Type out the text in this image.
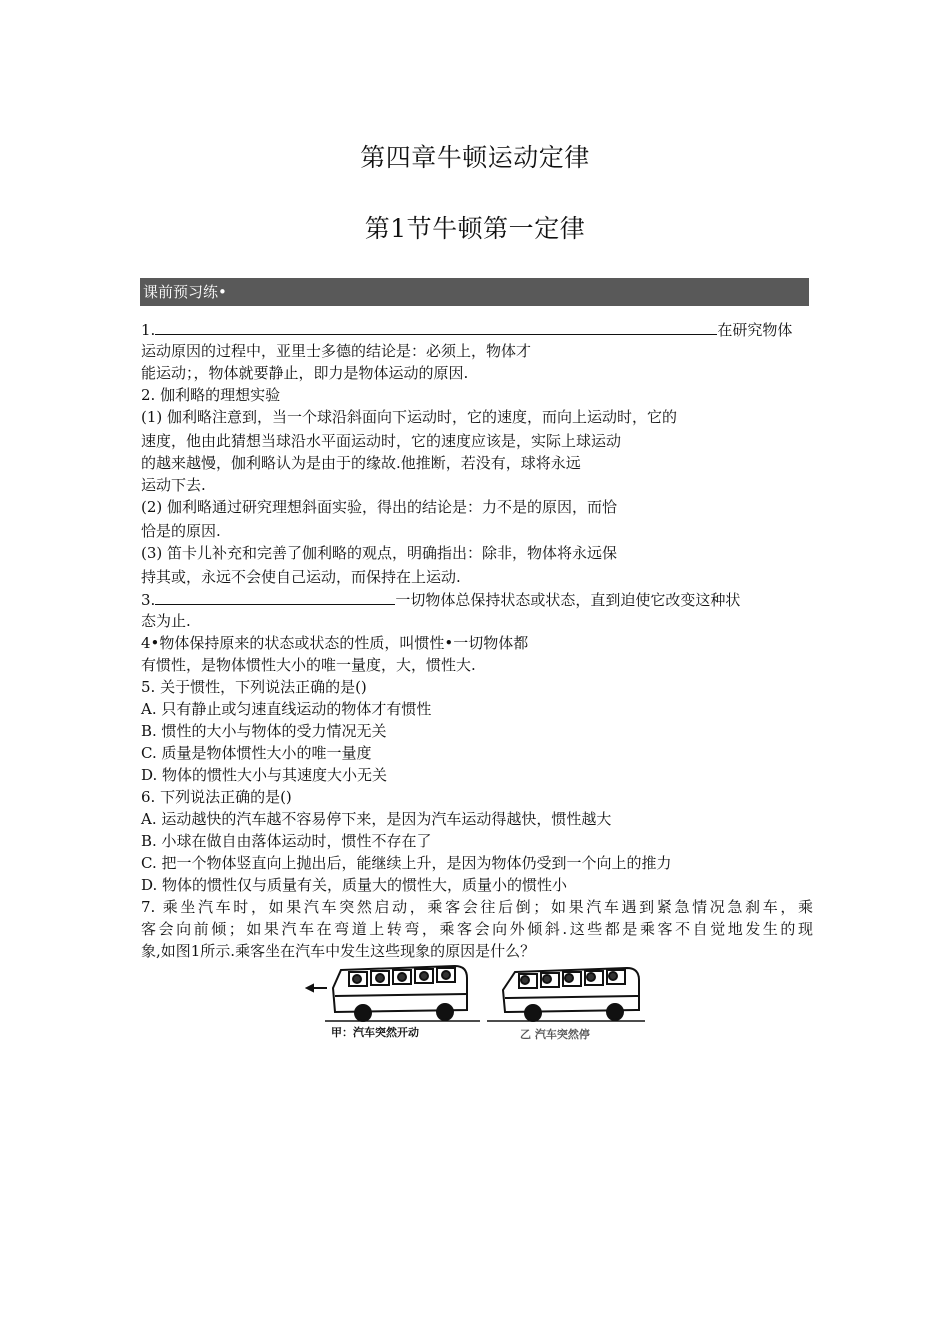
第四章牛顿运动定律
第1节牛顿第一定律
课前预习练•
1.	在研究物体
运动原因的过程中，亚里士多德的结论是：必须上，物体才
能运动；，物体就要静止，即力是物体运动的原因.
2. 伽利略的理想实验
(1) 伽利略注意到，当一个球沿斜面向下运动时，它的速度，而向上运动时，它的
速度，他由此猜想当球沿水平面运动时，它的速度应该是，实际上球运动
的越来越慢，伽利略认为是由于的缘故.他推断，若没有，球将永远
运动下去.
(2) 伽利略通过研究理想斜面实验，得出的结论是：力不是的原因，而恰
恰是的原因.
(3) 笛卡儿补充和完善了伽利略的观点，明确指出：除非，物体将永远保
持其或，永远不会使自己运动，而保持在上运动.
3.	一切物体总保持状态或状态，直到迫使它改变这种状
态为止.
4•物体保持原来的状态或状态的性质，叫惯性•一切物体都
有惯性，是物体惯性大小的唯一量度，大，惯性大.
5. 关于惯性，下列说法正确的是()
A. 只有静止或匀速直线运动的物体才有惯性
B. 惯性的大小与物体的受力情况无关
C. 质量是物体惯性大小的唯一量度
D. 物体的惯性大小与其速度大小无关
6. 下列说法正确的是()
A. 运动越快的汽车越不容易停下来，是因为汽车运动得越快，惯性越大
B. 小球在做自由落体运动时，惯性不存在了
C. 把一个物体竖直向上抛出后，能继续上升，是因为物体仍受到一个向上的推力
D. 物体的惯性仅与质量有关，质量大的惯性大，质量小的惯性小
7. 乘坐汽车时，如果汽车突然启动，乘客会往后倒；如果汽车遇到紧急情况急刹车，乘
客会向前倾；如果汽车在弯道上转弯，乘客会向外倾斜.这些都是乘客不自觉地发生的现
象,如图1所示.乘客坐在汽车中发生这些现象的原因是什么？
甲：汽车突然开动	乙 汽车突然停
